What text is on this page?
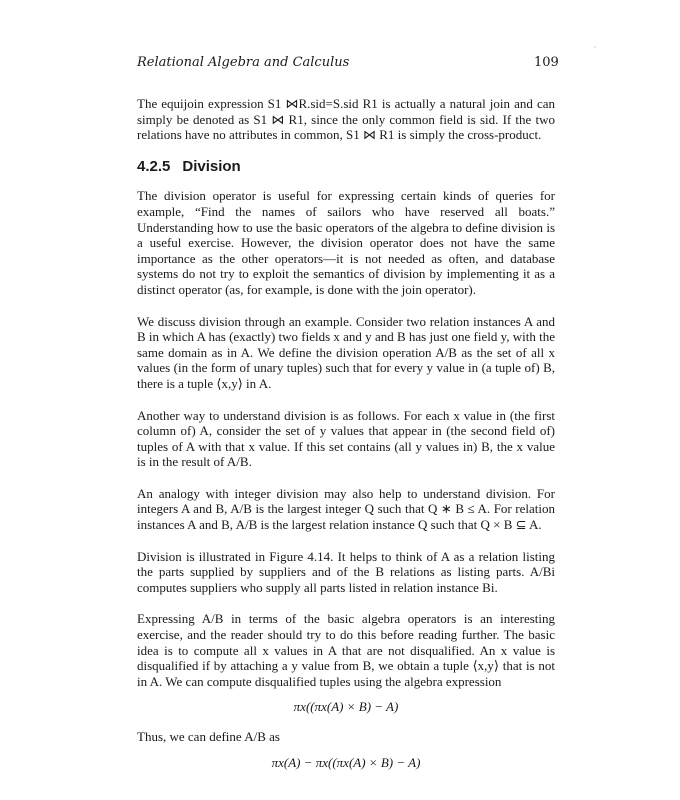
Relational Algebra and Calculus	109
'

The equijoin expression S1 ⋈R.sid=S.sid R1 is actually a natural join and can simply be denoted as S1 ⋈ R1, since the only common field is sid. If the two relations have no attributes in common, S1 ⋈ R1 is simply the cross-product.

4.2.5 Division

The division operator is useful for expressing certain kinds of queries for example, “Find the names of sailors who have reserved all boats.” Understanding how to use the basic operators of the algebra to define division is a useful exercise. However, the division operator does not have the same importance as the other operators—it is not needed as often, and database systems do not try to exploit the semantics of division by implementing it as a distinct operator (as, for example, is done with the join operator).

We discuss division through an example. Consider two relation instances A and B in which A has (exactly) two fields x and y and B has just one field y, with the same domain as in A. We define the division operation A/B as the set of all x values (in the form of unary tuples) such that for every y value in (a tuple of) B, there is a tuple ⟨x,y⟩ in A.

Another way to understand division is as follows. For each x value in (the first column of) A, consider the set of y values that appear in (the second field of) tuples of A with that x value. If this set contains (all y values in) B, the x value is in the result of A/B.

An analogy with integer division may also help to understand division. For integers A and B, A/B is the largest integer Q such that Q ∗ B ≤ A. For relation instances A and B, A/B is the largest relation instance Q such that Q × B ⊆ A.

Division is illustrated in Figure 4.14. It helps to think of A as a relation listing the parts supplied by suppliers and of the B relations as listing parts. A/Bi computes suppliers who supply all parts listed in relation instance Bi.

Expressing A/B in terms of the basic algebra operators is an interesting exercise, and the reader should try to do this before reading further. The basic idea is to compute all x values in A that are not disqualified. An x value is disqualified if by attaching a y value from B, we obtain a tuple ⟨x,y⟩ that is not in A. We can compute disqualified tuples using the algebra expression

πx((πx(A) × B) − A)

Thus, we can define A/B as

πx(A) − πx((πx(A) × B) − A)
